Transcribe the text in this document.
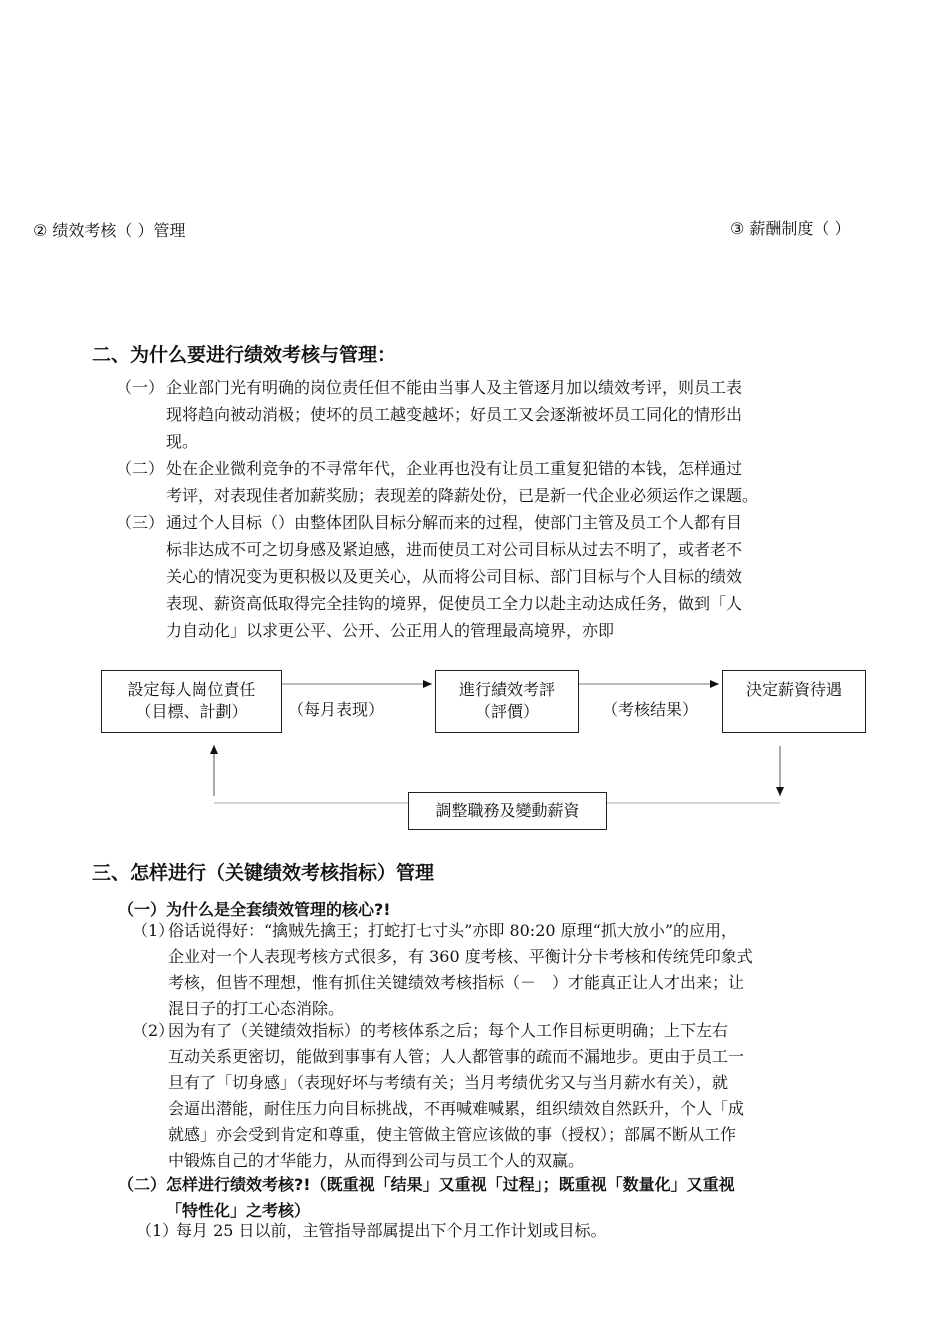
② 绩效考核（ ）管理	③ 薪酬制度（ ）
二、为什么要进行绩效考核与管理：
（一） 企业部门光有明确的岗位责任但不能由当事人及主管逐月加以绩效考评，则员工表
现将趋向被动消极；使坏的员工越变越坏；好员工又会逐渐被坏员工同化的情形出
现。
（二） 处在企业微利竞争的不寻常年代，企业再也没有让员工重复犯错的本钱，怎样通过
考评，对表现佳者加薪奖励；表现差的降薪处份，已是新一代企业必须运作之课题。
（三） 通过个人目标（）由整体团队目标分解而来的过程，使部门主管及员工个人都有目
标非达成不可之切身感及紧迫感，进而使员工对公司目标从过去不明了，或者老不
关心的情况变为更积极以及更关心，从而将公司目标、部门目标与个人目标的绩效
表现、薪资高低取得完全挂钩的境界，促使员工全力以赴主动达成任务，做到「人
力自动化」以求更公平、公开、公正用人的管理最高境界，亦即
設定每人崗位責任
（目標、計劃）	（每月表现）
進行績效考評
（評價）	（考核结果）
決定薪資待遇
調整職務及變動薪資
三、怎样进行（关键绩效考核指标）管理
（一）为什么是全套绩效管理的核心?!
（1）
俗话说得好：“擒贼先擒王；打蛇打七寸头”亦即 80:20 原理“抓大放小”的应用，
企业对一个人表现考核方式很多，有 360 度考核、平衡计分卡考核和传统凭印象式
考核，但皆不理想，惟有抓住关键绩效考核指标（－　）才能真正让人才出来；让
混日子的打工心态消除。
（2）
因为有了（关键绩效指标）的考核体系之后；每个人工作目标更明确；上下左右
互动关系更密切，能做到事事有人管；人人都管事的疏而不漏地步。更由于员工一
旦有了「切身感」（表现好坏与考绩有关；当月考绩优劣又与当月薪水有关），就
会逼出潜能，耐住压力向目标挑战，不再喊难喊累，组织绩效自然跃升，个人「成
就感」亦会受到肯定和尊重，使主管做主管应该做的事（授权）；部属不断从工作
中锻炼自己的才华能力，从而得到公司与员工个人的双赢。
（二）怎样进行绩效考核?!（既重视「结果」又重视「过程」；既重视「数量化」又重视
「特性化」之考核）
（1）
每月 25 日以前，主管指导部属提出下个月工作计划或目标。
